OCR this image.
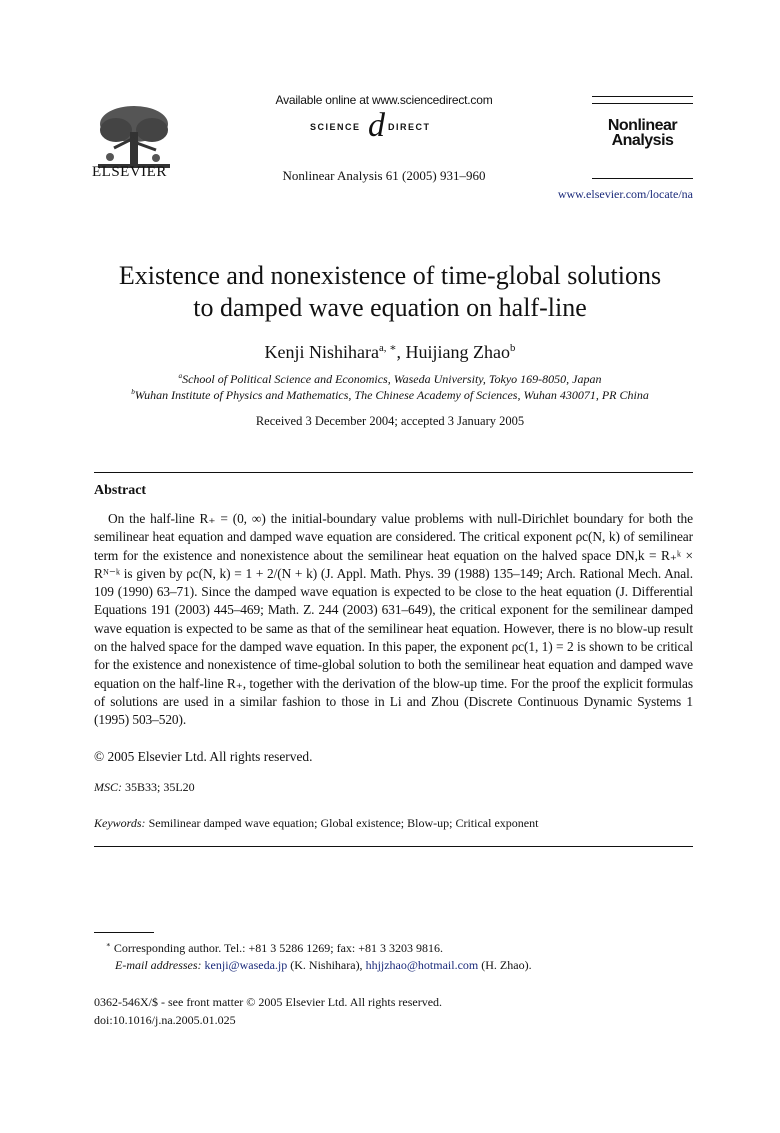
ELSEVIER
Available online at www.sciencedirect.com
SCIENCE d DIRECT
Nonlinear Analysis 61 (2005) 931–960
Nonlinear
Analysis
www.elsevier.com/locate/na
Existence and nonexistence of time-global solutions
to damped wave equation on half-line
Kenji Nishihara$^{a, ∗}$, Huijiang Zhao$^b$
$^a$School of Political Science and Economics, Waseda University, Tokyo 169-8050, Japan
$^b$Wuhan Institute of Physics and Mathematics, The Chinese Academy of Sciences, Wuhan 430071, PR China
Received 3 December 2004; accepted 3 January 2005
Abstract
On the half-line R₊ = (0, ∞) the initial-boundary value problems with null-Dirichlet boundary for both the semilinear heat equation and damped wave equation are considered. The critical exponent ρc(N, k) of semilinear term for the existence and nonexistence about the semilinear heat equation on the halved space DN,k = R₊ᵏ × Rᴺ⁻ᵏ is given by ρc(N, k) = 1 + 2/(N + k) (J. Appl. Math. Phys. 39 (1988) 135–149; Arch. Rational Mech. Anal. 109 (1990) 63–71). Since the damped wave equation is expected to be close to the heat equation (J. Differential Equations 191 (2003) 445–469; Math. Z. 244 (2003) 631–649), the critical exponent for the semilinear damped wave equation is expected to be same as that of the semilinear heat equation. However, there is no blow-up result on the halved space for the damped wave equation. In this paper, the exponent ρc(1, 1) = 2 is shown to be critical for the existence and nonexistence of time-global solution to both the semilinear heat equation and damped wave equation on the half-line R₊, together with the derivation of the blow-up time. For the proof the explicit formulas of solutions are used in a similar fashion to those in Li and Zhou (Discrete Continuous Dynamic Systems 1 (1995) 503–520).
© 2005 Elsevier Ltd. All rights reserved.
MSC: 35B33; 35L20
Keywords: Semilinear damped wave equation; Global existence; Blow-up; Critical exponent
∗ Corresponding author. Tel.: +81 3 5286 1269; fax: +81 3 3203 9816.
E-mail addresses: kenji@waseda.jp (K. Nishihara), hhjjzhao@hotmail.com (H. Zhao).
0362-546X/$ - see front matter © 2005 Elsevier Ltd. All rights reserved.
doi:10.1016/j.na.2005.01.025
